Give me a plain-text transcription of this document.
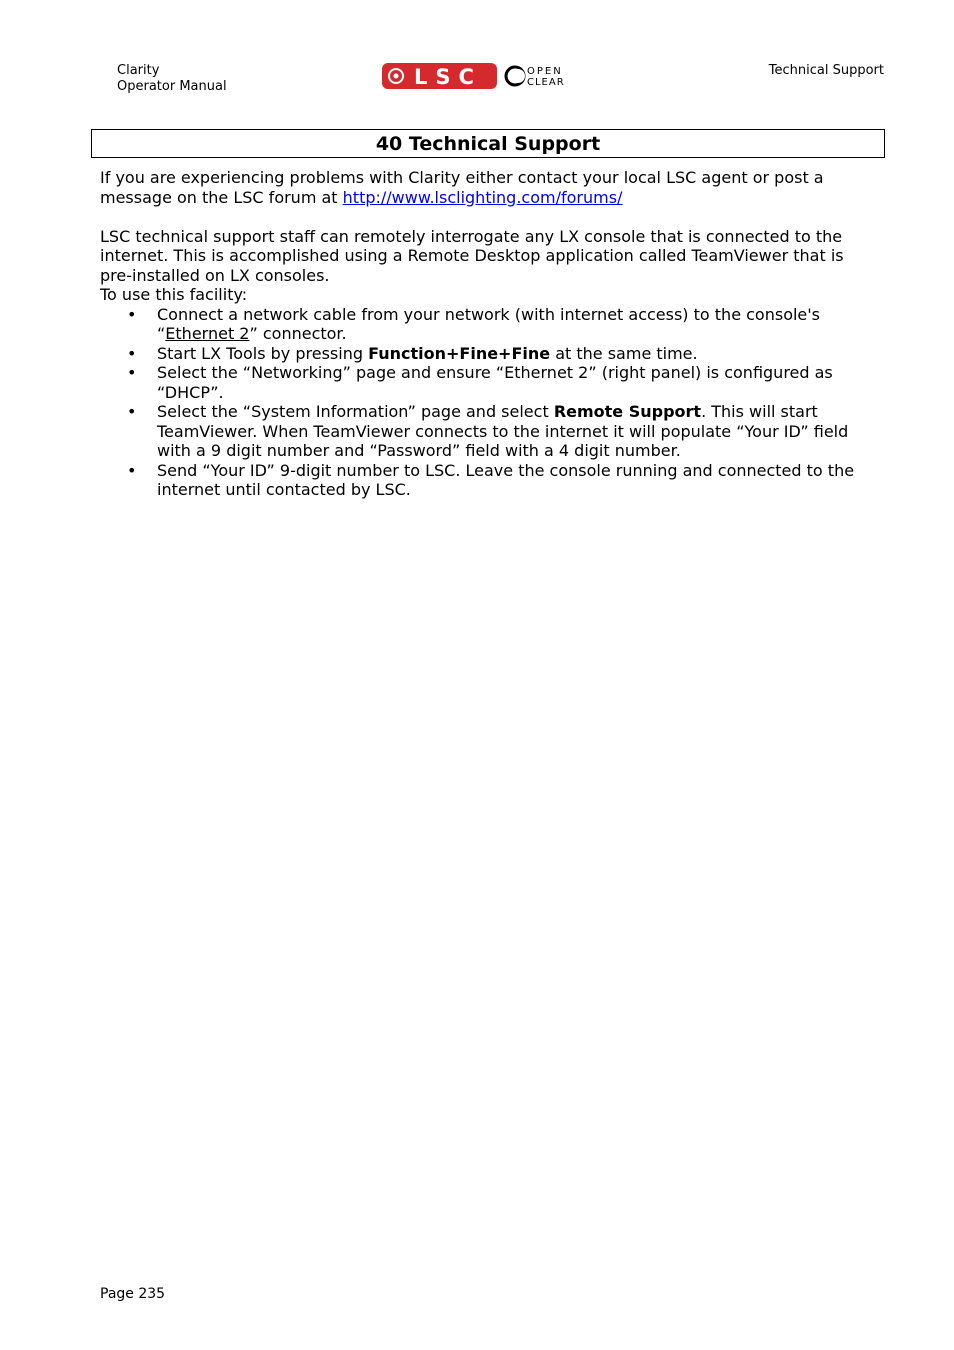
Clarity
Operator Manual	LSC	OPEN
CLEAR
Technical Support
40 Technical Support

If you are experiencing problems with Clarity either contact your local LSC agent or post a message on the LSC forum at http://www.lsclighting.com/forums/

LSC technical support staff can remotely interrogate any LX console that is connected to the internet. This is accomplished using a Remote Desktop application called TeamViewer that is pre-installed on LX consoles.

To use this facility:

• Connect a network cable from your network (with internet access) to the console's “Ethernet 2” connector.
• Start LX Tools by pressing Function+Fine+Fine at the same time.
• Select the “Networking” page and ensure “Ethernet 2” (right panel) is configured as “DHCP”.
• Select the “System Information” page and select Remote Support. This will start TeamViewer. When TeamViewer connects to the internet it will populate “Your ID” field with a 9 digit number and “Password” field with a 4 digit number.
• Send “Your ID” 9-digit number to LSC. Leave the console running and connected to the internet until contacted by LSC.
Page 235
